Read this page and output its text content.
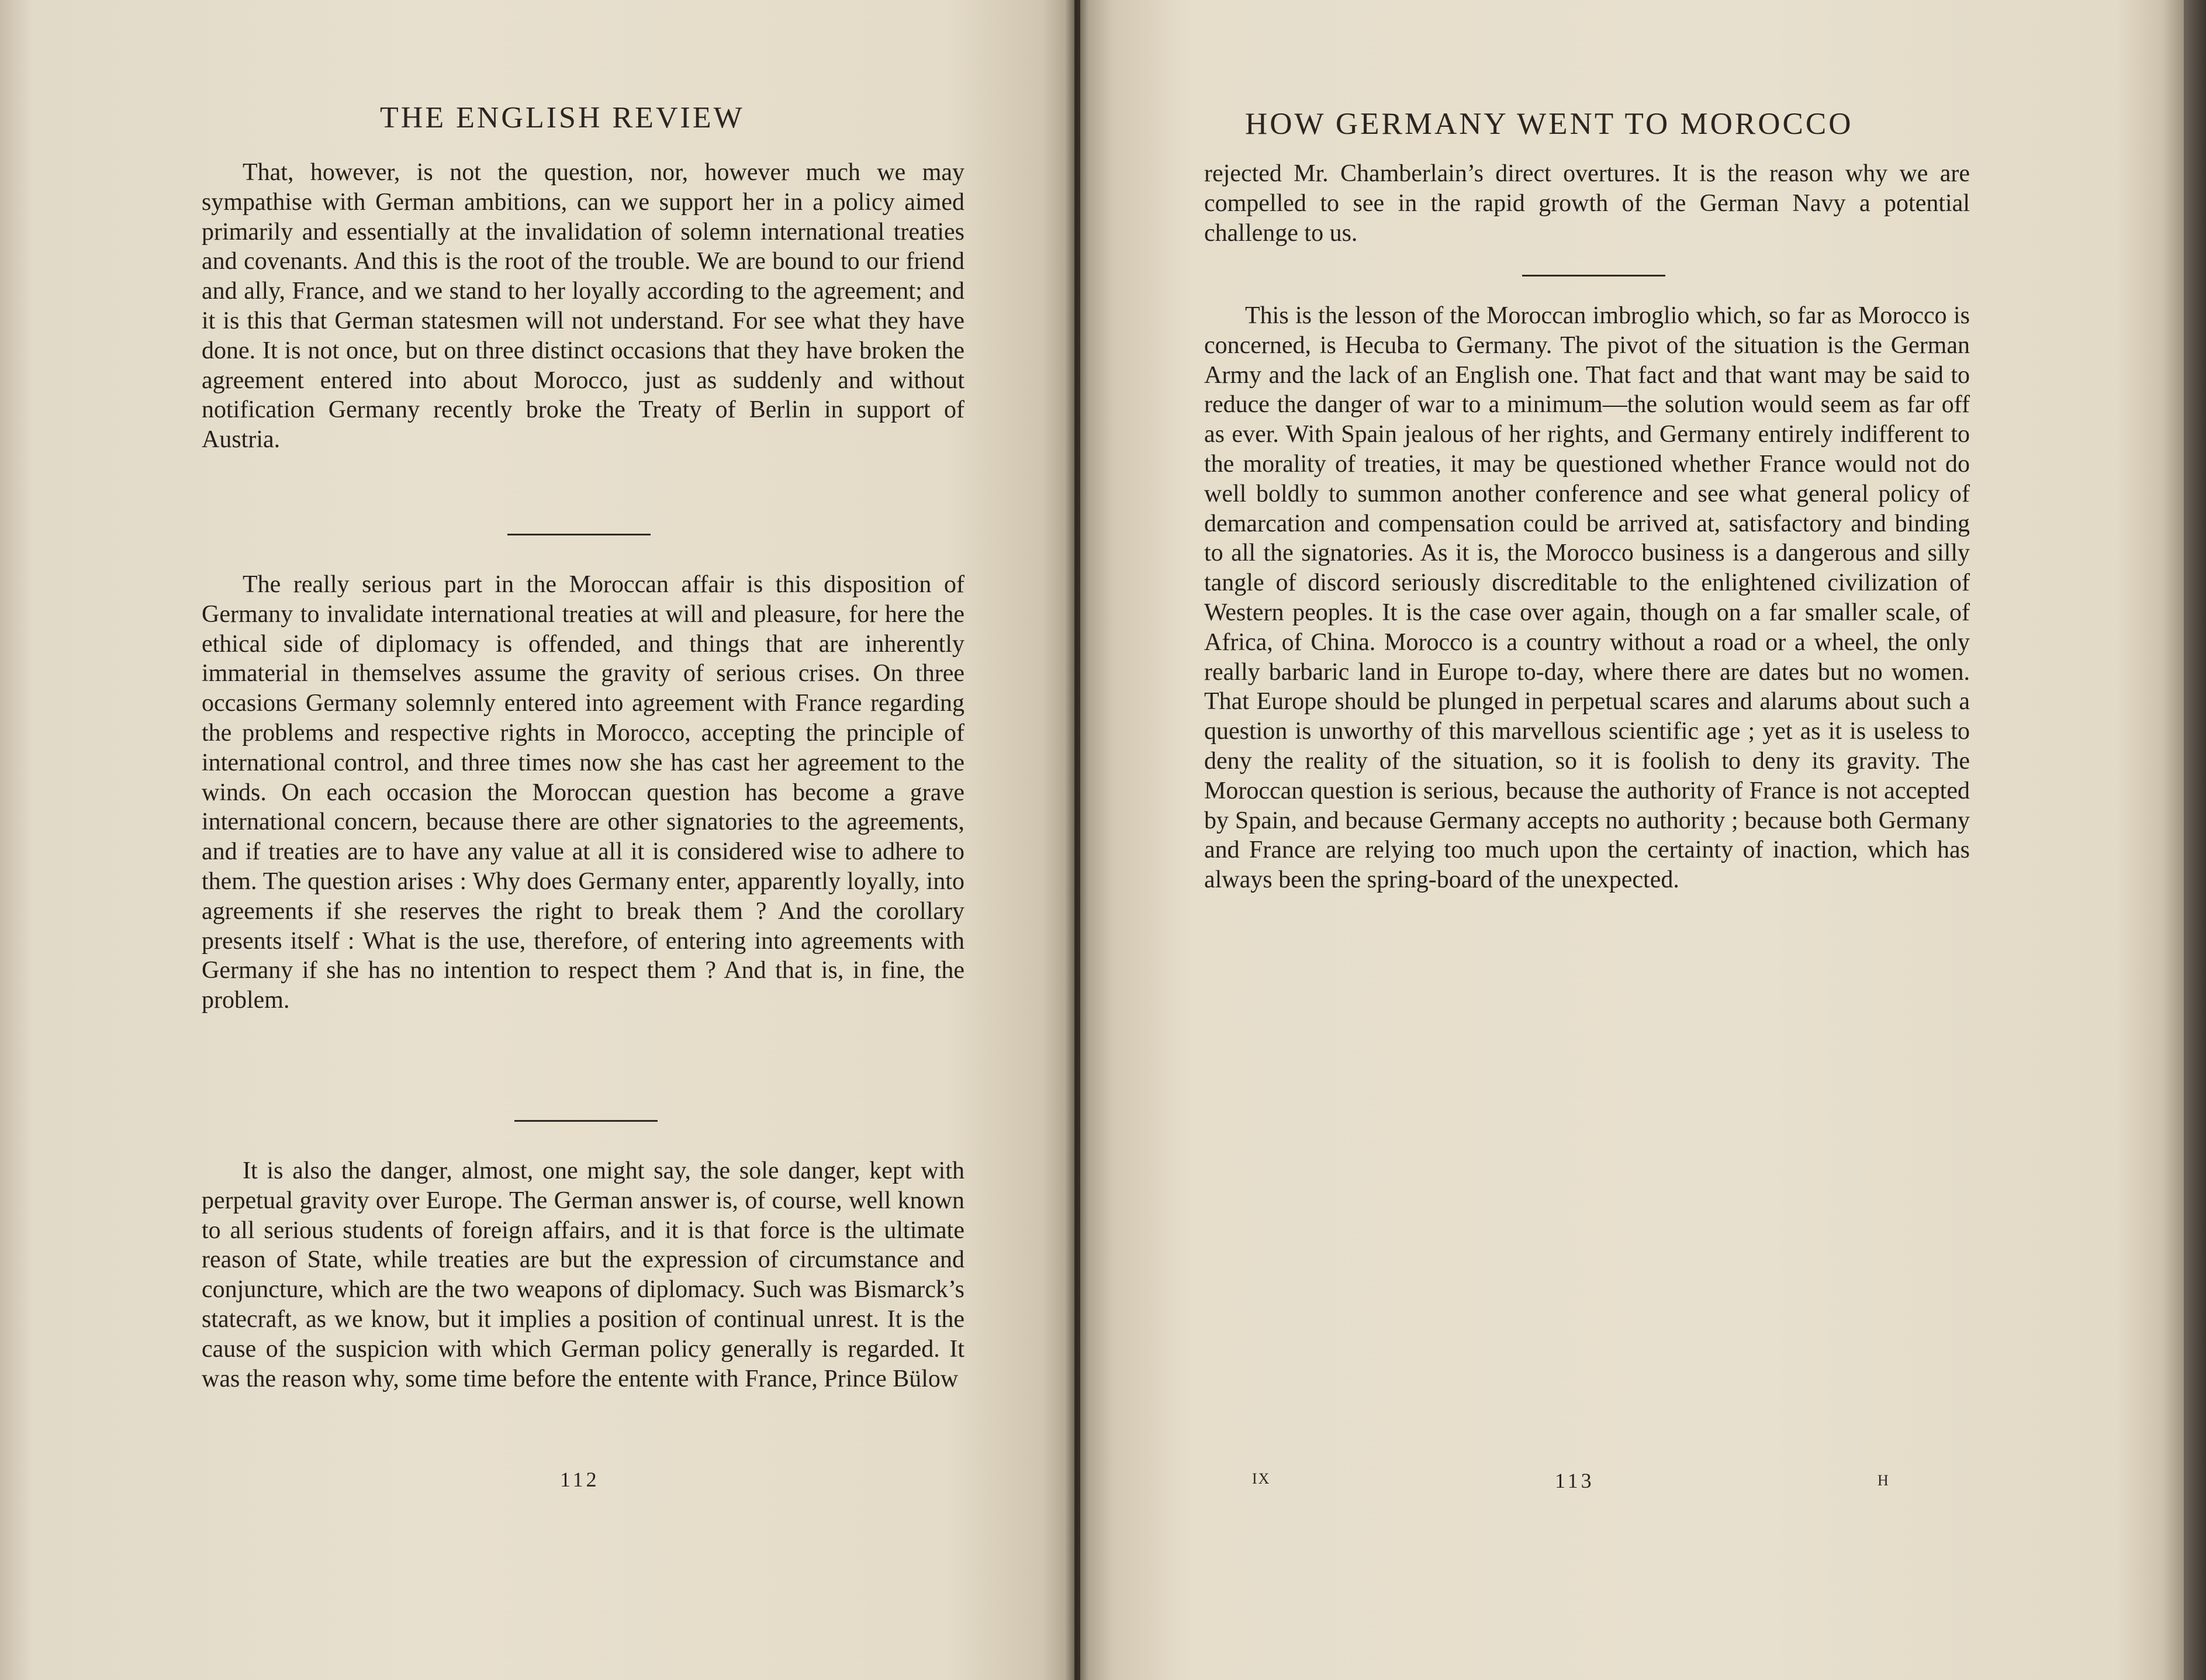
THE ENGLISH REVIEW

That, however, is not the question, nor, however much we may sympathise with German ambitions, can we support her in a policy aimed primarily and essentially at the invalidation of solemn international treaties and covenants. And this is the root of the trouble. We are bound to our friend and ally, France, and we stand to her loyally according to the agreement; and it is this that German statesmen will not understand. For see what they have done. It is not once, but on three distinct occasions that they have broken the agreement entered into about Morocco, just as suddenly and without notification Germany recently broke the Treaty of Berlin in support of Austria.

The really serious part in the Moroccan affair is this disposition of Germany to invalidate international treaties at will and pleasure, for here the ethical side of diplomacy is offended, and things that are inherently immaterial in themselves assume the gravity of serious crises. On three occasions Germany solemnly entered into agreement with France regarding the problems and respective rights in Morocco, accepting the principle of international control, and three times now she has cast her agreement to the winds. On each occasion the Moroccan question has become a grave international concern, because there are other signatories to the agreements, and if treaties are to have any value at all it is considered wise to adhere to them. The question arises : Why does Germany enter, apparently loyally, into agreements if she reserves the right to break them ? And the corollary presents itself : What is the use, therefore, of entering into agreements with Germany if she has no intention to respect them ? And that is, in fine, the problem.

It is also the danger, almost, one might say, the sole danger, kept with perpetual gravity over Europe. The German answer is, of course, well known to all serious students of foreign affairs, and it is that force is the ultimate reason of State, while treaties are but the expression of circumstance and conjuncture, which are the two weapons of diplomacy. Such was Bismarck’s statecraft, as we know, but it implies a position of continual unrest. It is the cause of the suspicion with which German policy generally is regarded. It was the reason why, some time before the entente with France, Prince Bülow

112

HOW GERMANY WENT TO MOROCCO

rejected Mr. Chamberlain’s direct overtures. It is the reason why we are compelled to see in the rapid growth of the German Navy a potential challenge to us.

This is the lesson of the Moroccan imbroglio which, so far as Morocco is concerned, is Hecuba to Germany. The pivot of the situation is the German Army and the lack of an English one. That fact and that want may be said to reduce the danger of war to a minimum—the solution would seem as far off as ever. With Spain jealous of her rights, and Germany entirely indifferent to the morality of treaties, it may be questioned whether France would not do well boldly to summon another conference and see what general policy of demarcation and compensation could be arrived at, satisfactory and binding to all the signatories. As it is, the Morocco business is a dangerous and silly tangle of discord seriously discreditable to the enlightened civilization of Western peoples. It is the case over again, though on a far smaller scale, of Africa, of China. Morocco is a country without a road or a wheel, the only really barbaric land in Europe to-day, where there are dates but no women. That Europe should be plunged in perpetual scares and alarums about such a question is unworthy of this marvellous scientific age ; yet as it is useless to deny the reality of the situation, so it is foolish to deny its gravity. The Moroccan question is serious, because the authority of France is not accepted by Spain, and because Germany accepts no authority ; because both Germany and France are relying too much upon the certainty of inaction, which has always been the spring-board of the unexpected.

IX	113	H
